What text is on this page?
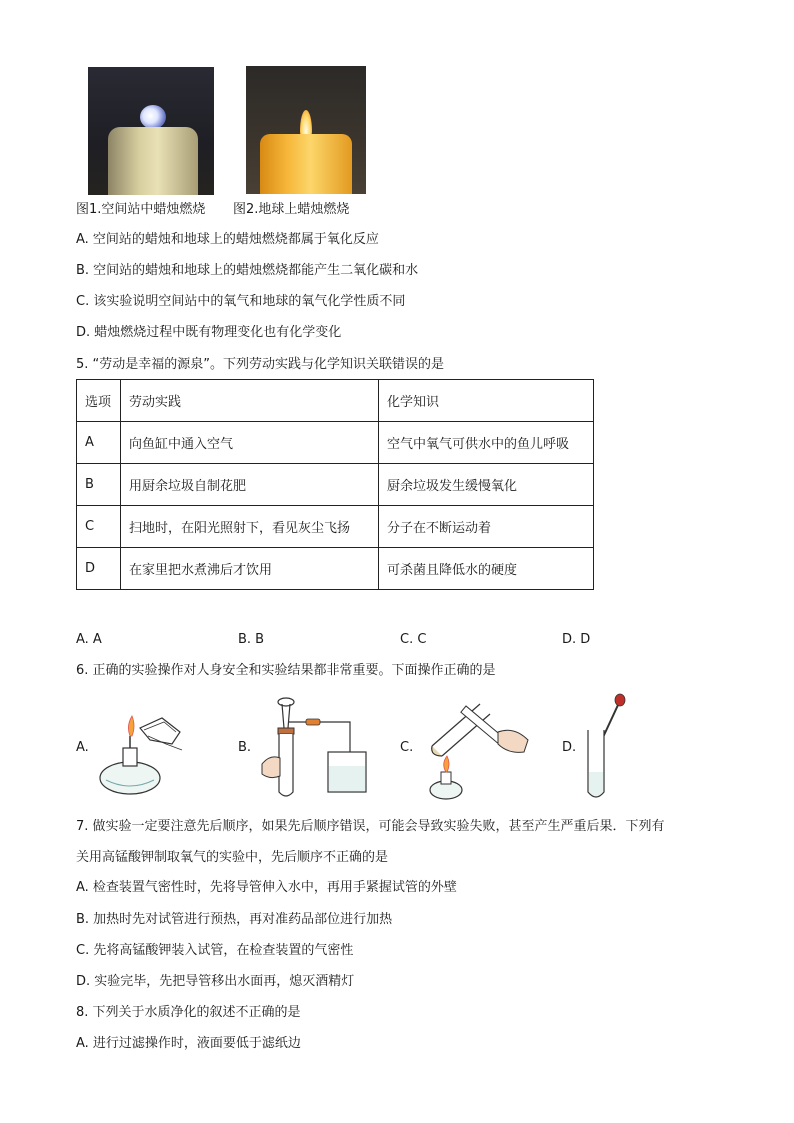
图1.空间站中蜡烛燃烧 图2.地球上蜡烛燃烧
A. 空间站的蜡烛和地球上的蜡烛燃烧都属于氧化反应
B. 空间站的蜡烛和地球上的蜡烛燃烧都能产生二氧化碳和水
C. 该实验说明空间站中的氧气和地球的氧气化学性质不同
D. 蜡烛燃烧过程中既有物理变化也有化学变化
5. “劳动是幸福的源泉”。下列劳动实践与化学知识关联错误的是
选项	劳动实践	化学知识
A	向鱼缸中通入空气	空气中氧气可供水中的鱼儿呼吸
B	用厨余垃圾自制花肥	厨余垃圾发生缓慢氧化
C	扫地时，在阳光照射下，看见灰尘飞扬	分子在不断运动着
D	在家里把水煮沸后才饮用	可杀菌且降低水的硬度
A. A	B. B	C. C	D. D
6. 正确的实验操作对人身安全和实验结果都非常重要。下面操作正确的是
A.	B.	C.	D.
7. 做实验一定要注意先后顺序，如果先后顺序错误，可能会导致实验失败，甚至产生严重后果．下列有
关用高锰酸钾制取氧气的实验中，先后顺序不正确的是
A. 检查装置气密性时，先将导管伸入水中，再用手紧握试管的外壁
B. 加热时先对试管进行预热，再对准药品部位进行加热
C. 先将高锰酸钾装入试管，在检查装置的气密性
D. 实验完毕，先把导管移出水面再，熄灭酒精灯
8. 下列关于水质净化的叙述不正确的是
A. 进行过滤操作时，液面要低于滤纸边
